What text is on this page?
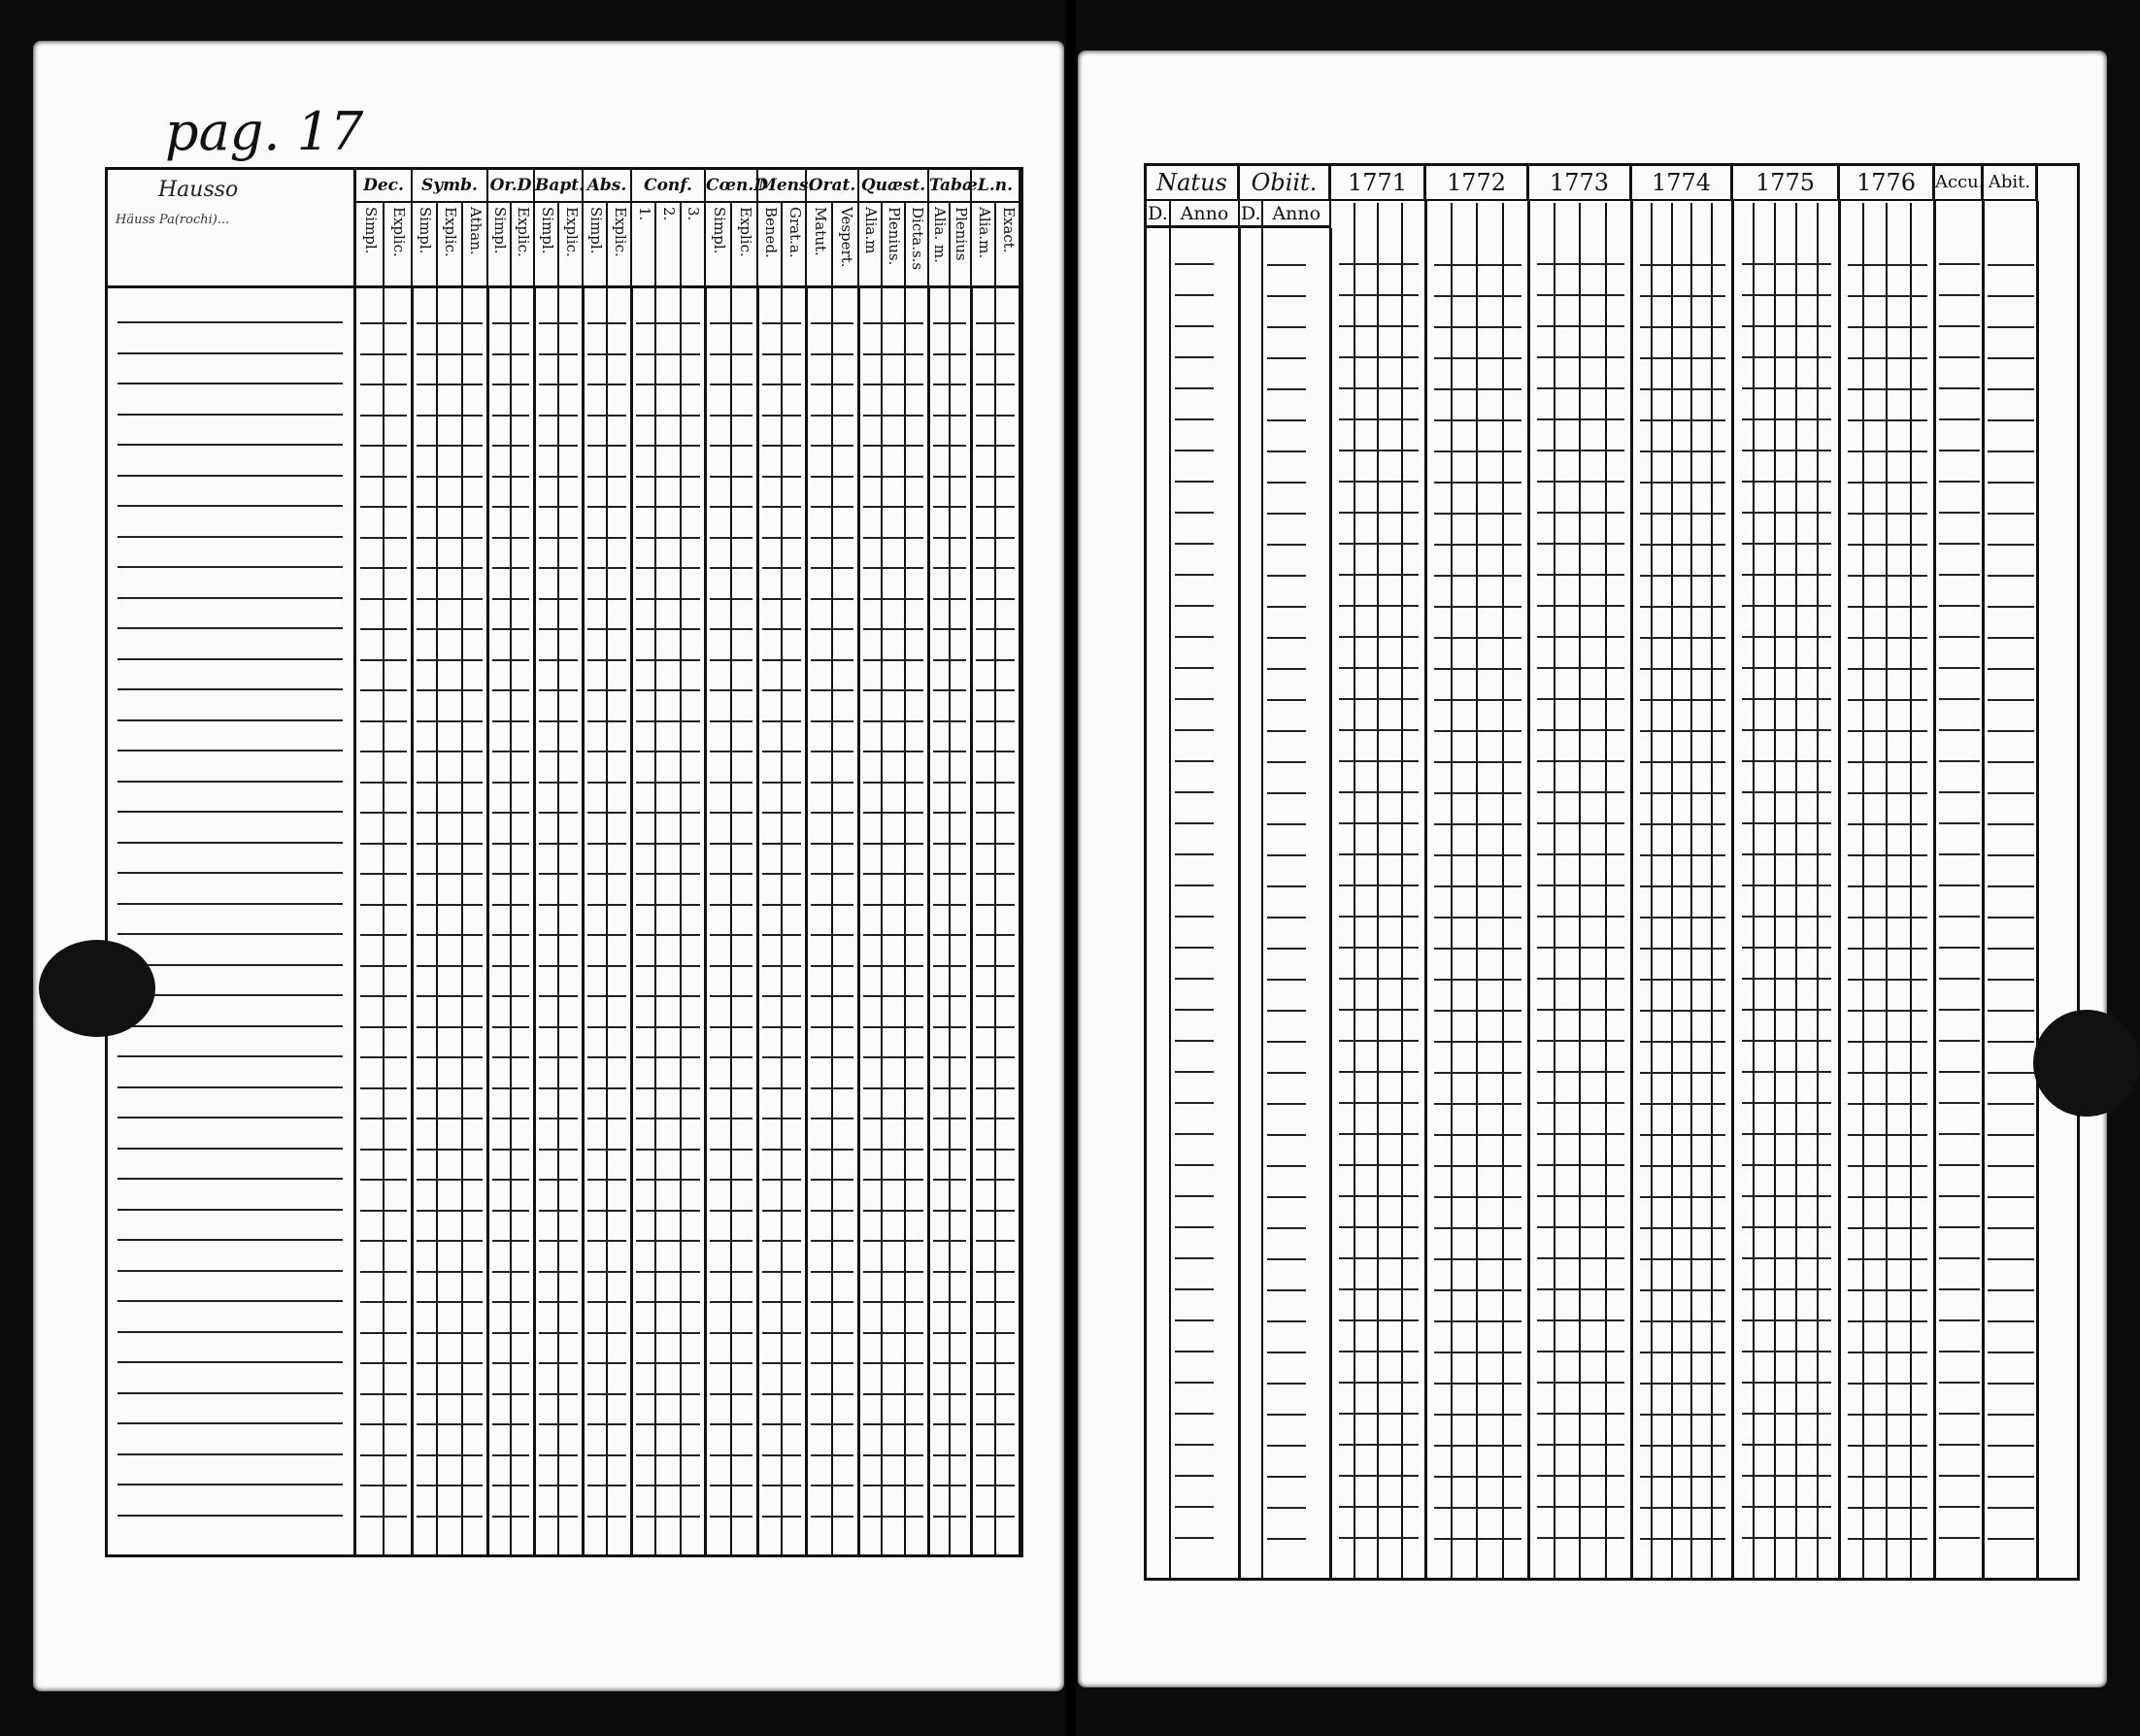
pag. 17
Hausso
Häuss Pa(rochi)...
Dec.
Simpl. Explic.
Symb.
Simpl. Explic. Athan.
Or.D
Simpl. Explic.
Bapt.
Simpl. Explic.
Abs.
Simpl. Explic.
Conf.
1. 2. 3.
Cœn.D
Simpl. Explic.
Mens.
Bened. Grat.a.
Orat.
Matut. Vespert.
Quæst.
Alia.m Plenius. Dicta.s.s
Tabæ
Alia. m. Plenius
L.n.
Alia.m. Exact.
Natus
D. Anno
Obiit.
D. Anno
1771	1772	1773	1774	1775	1776	Accu. Abit.
